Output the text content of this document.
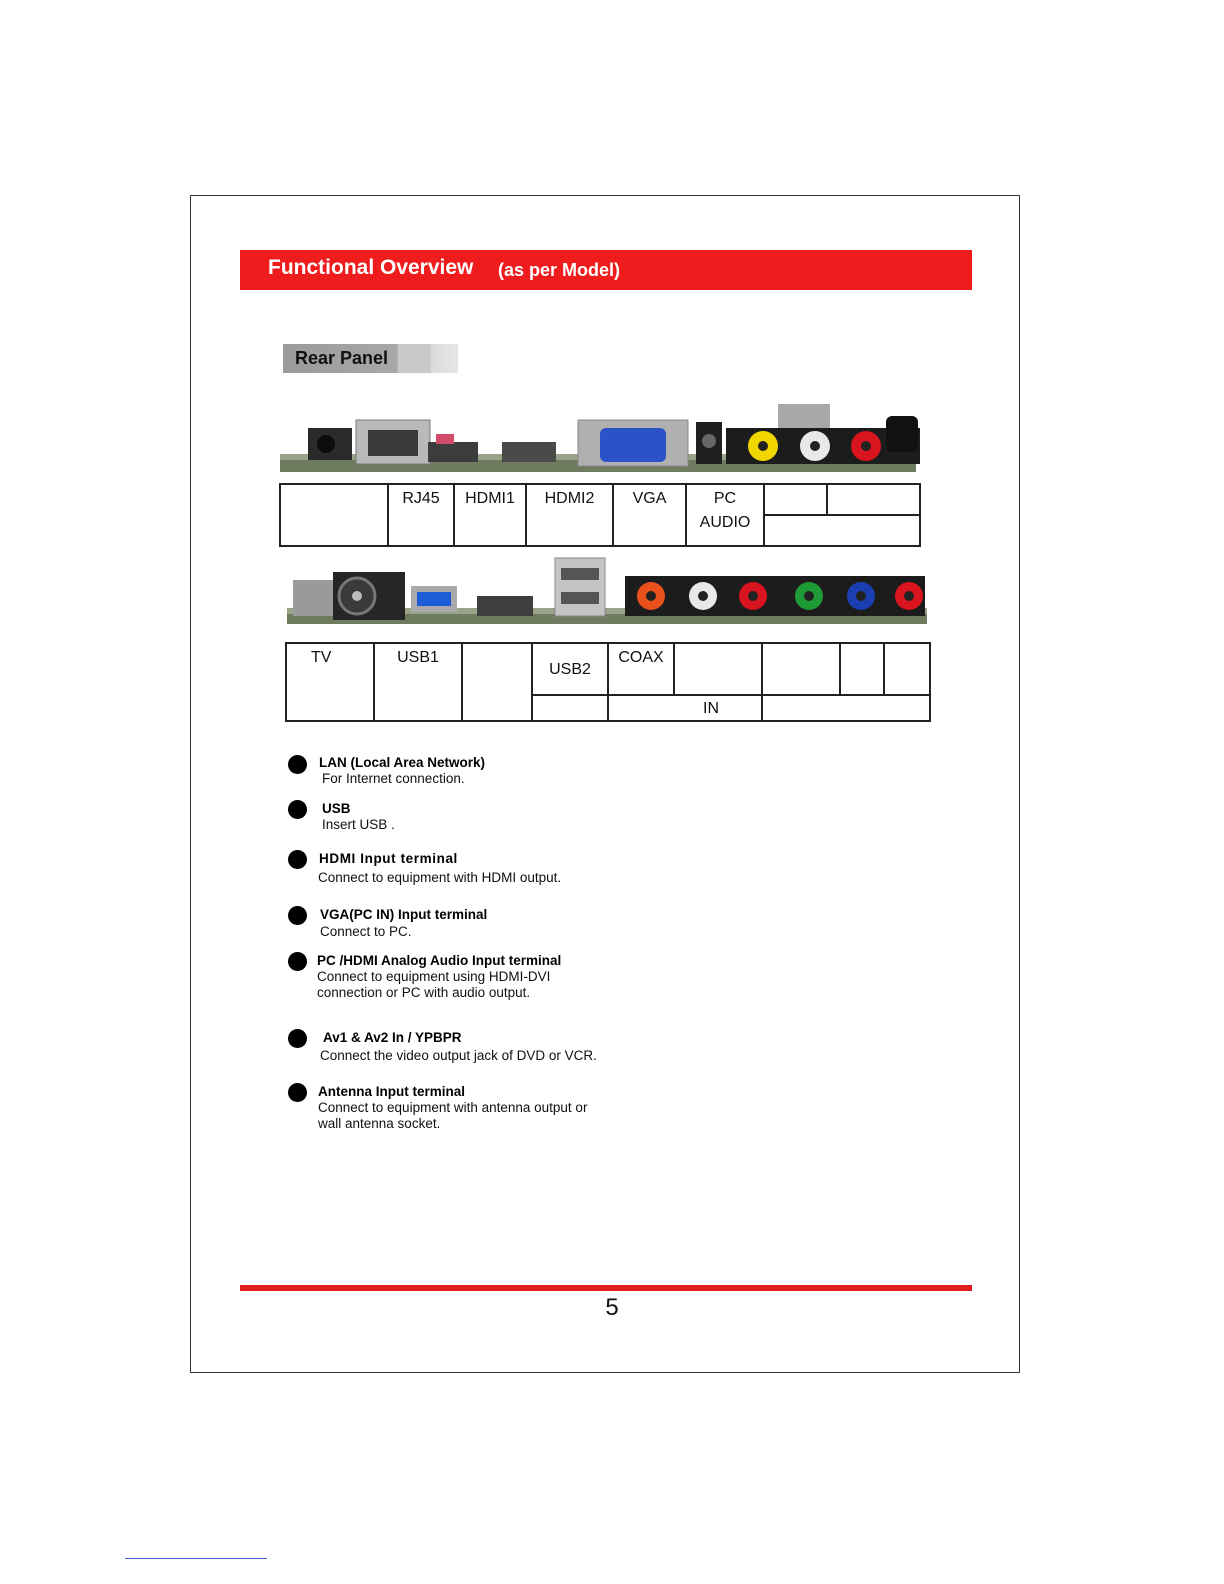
Functional Overview (as per Model)
Rear Panel

RJ45	HDMI1	HDMI2	VGA	PC
AUDIO

TV	USB1		USB2	COAX				

				IN				

LAN (Local Area Network)
For Internet connection.
USB
Insert USB .
HDMI Input terminal
Connect to equipment with HDMI output.
VGA(PC IN) Input terminal
Connect to PC.
PC /HDMI Analog Audio Input terminal
Connect to equipment using HDMI-DVI
connection or PC with audio output.
Av1 & Av2 In / YPBPR
Connect the video output jack of DVD or VCR.
Antenna Input terminal
Connect to equipment with antenna output or
wall antenna socket.
5
